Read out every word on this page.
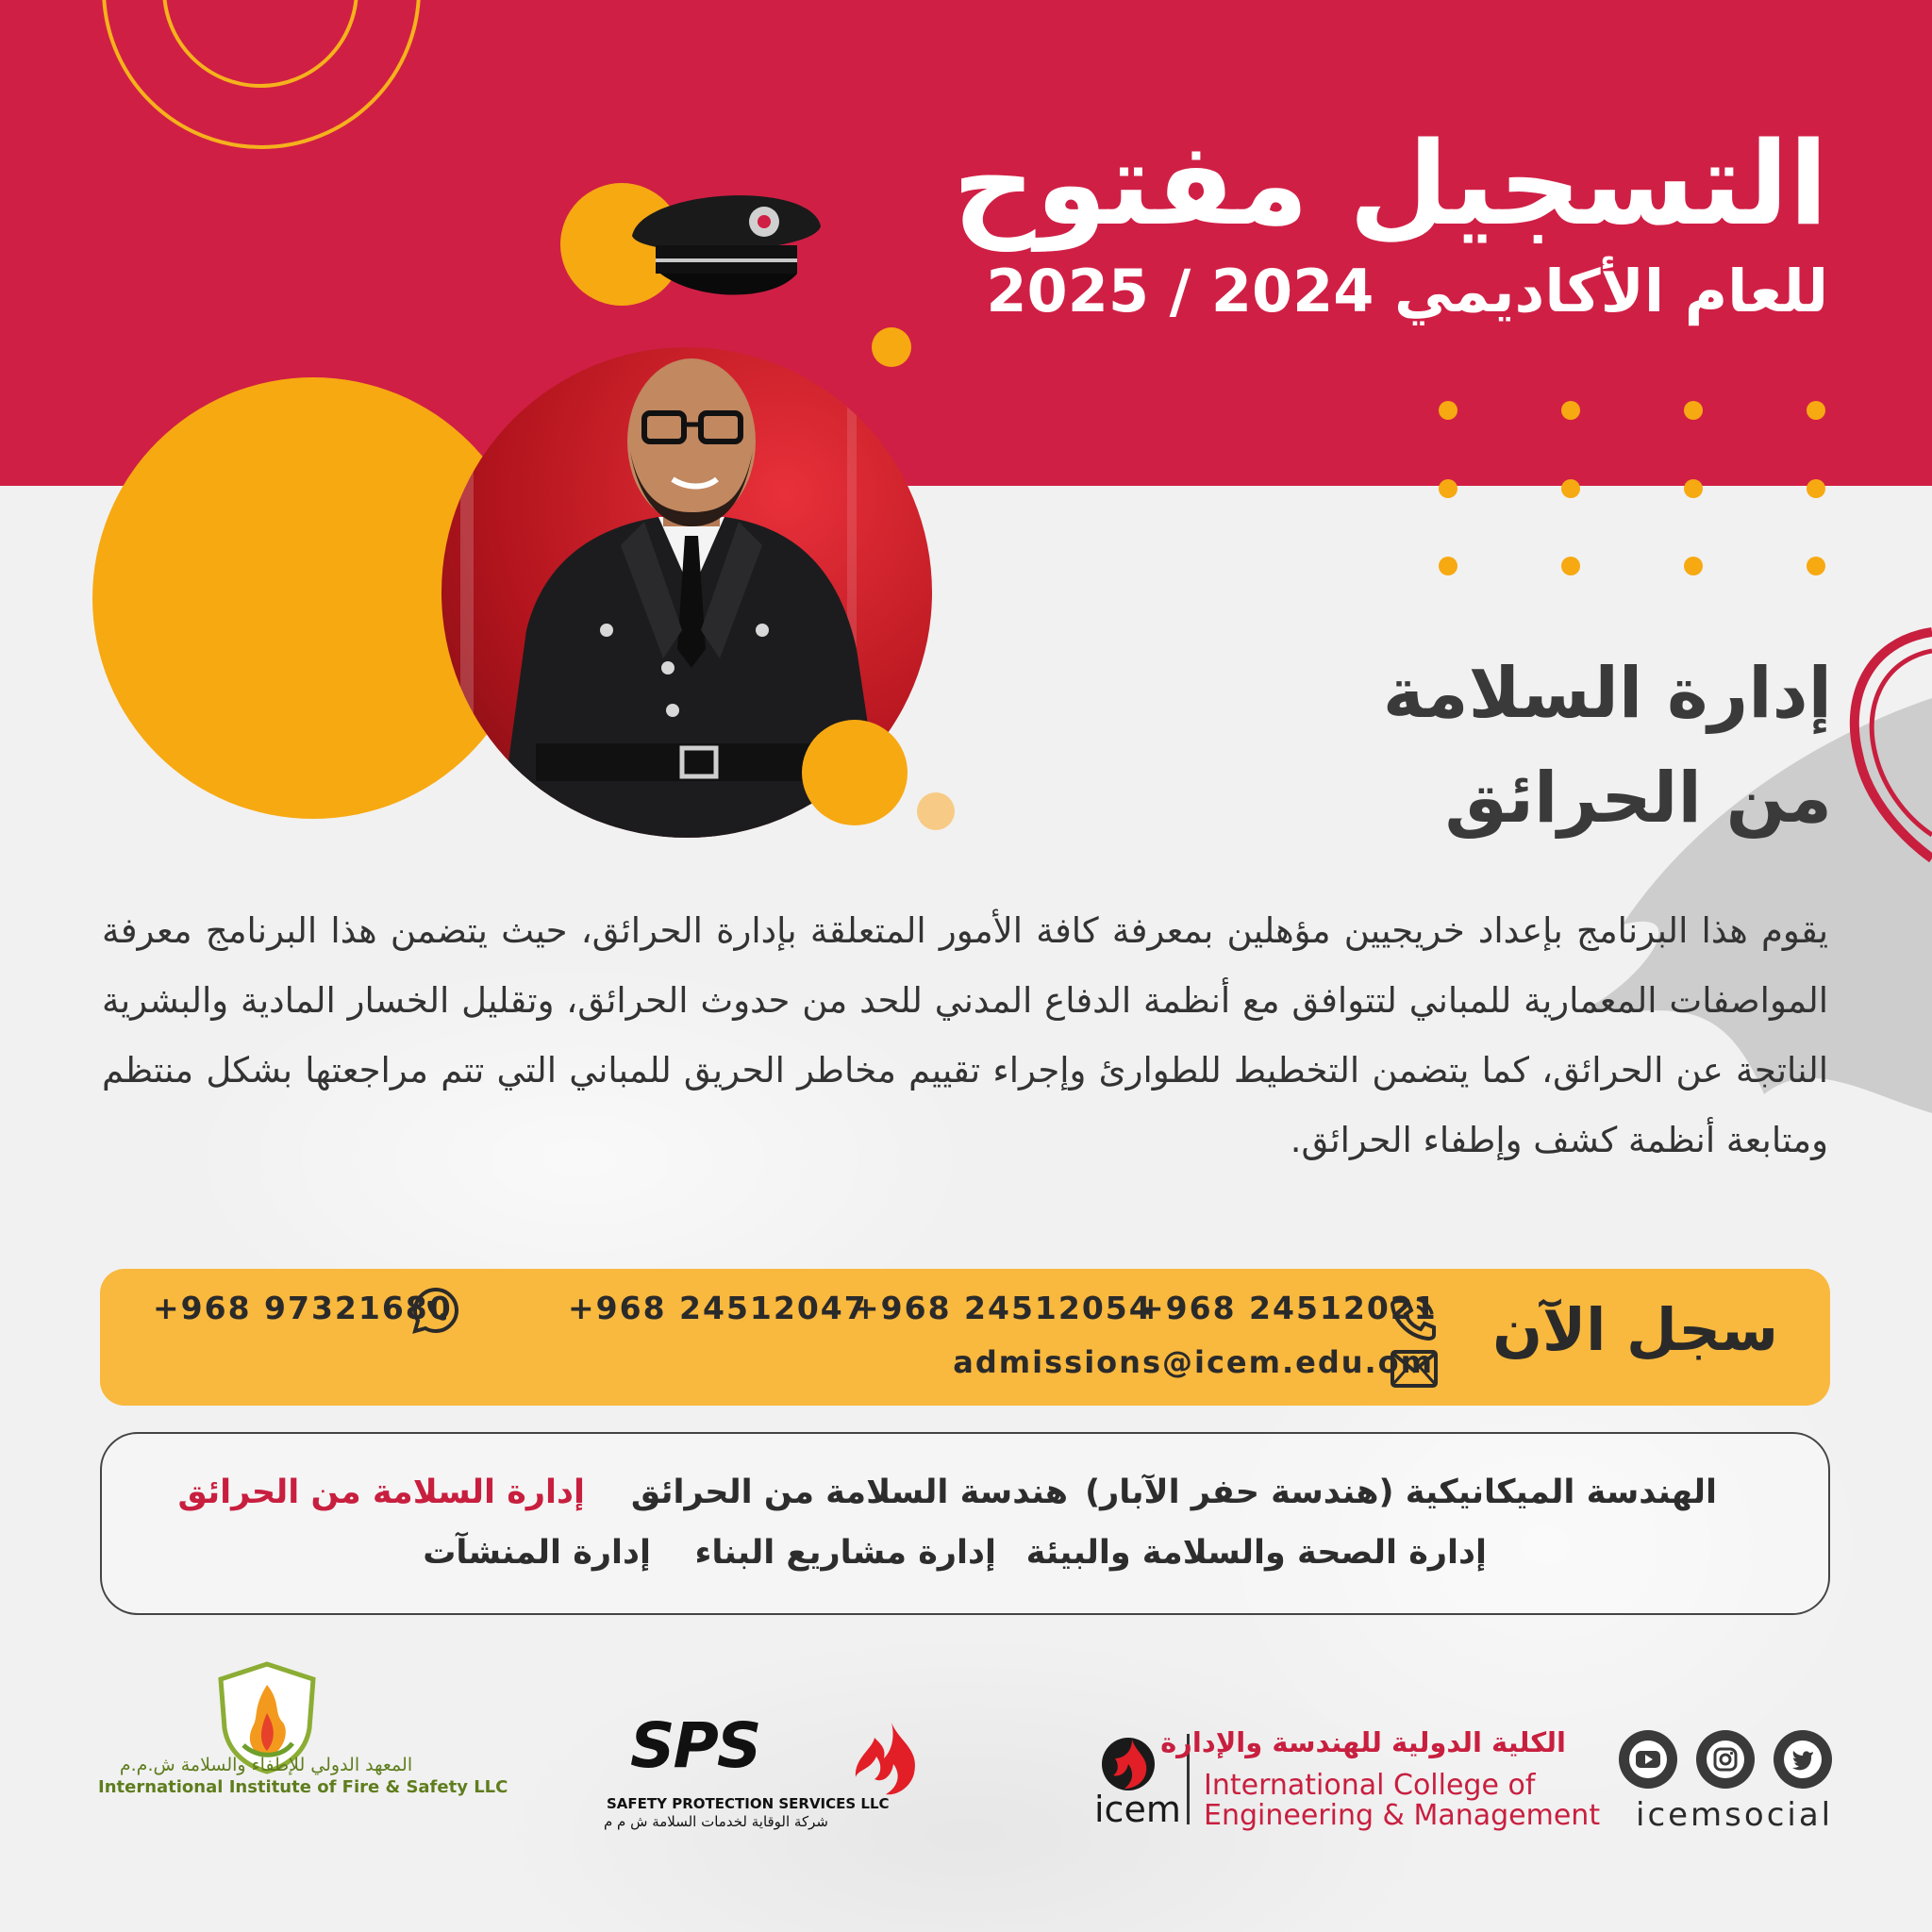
التسجيل مفتوح
للعام الأكاديمي 2024 / 2025
إدارة السلامة
من الحرائق
يقوم هذا البرنامج بإعداد خريجيين مؤهلين بمعرفة كافة الأمور المتعلقة بإدارة الحرائق، حيث يتضمن هذا البرنامج معرفة المواصفات المعمارية للمباني لتتوافق مع أنظمة الدفاع المدني للحد من حدوث الحرائق، وتقليل الخسار المادية والبشرية الناتجة عن الحرائق، كما يتضمن التخطيط للطوارئ وإجراء تقييم مخاطر الحريق للمباني التي تتم مراجعتها بشكل منتظم ومتابعة أنظمة كشف وإطفاء الحرائق.
سجل الآن
+968 24512021
+968 24512054
+968 24512047
+968 97321680
admissions@icem.edu.om
الهندسة الميكانيكية (هندسة حفر الآبار)
هندسة السلامة من الحرائق
إدارة السلامة من الحرائق
إدارة الصحة والسلامة والبيئة
إدارة مشاريع البناء
إدارة المنشآت
المعهد الدولي للإطفاء والسلامة ش.م.م
International Institute of Fire & Safety LLC
SPS
SAFETY PROTECTION SERVICES LLC
شركة الوقاية لخدمات السلامة ش م م	icem
الكلية الدولية للهندسة والإدارة
International College of
Engineering & Management icemsocial
